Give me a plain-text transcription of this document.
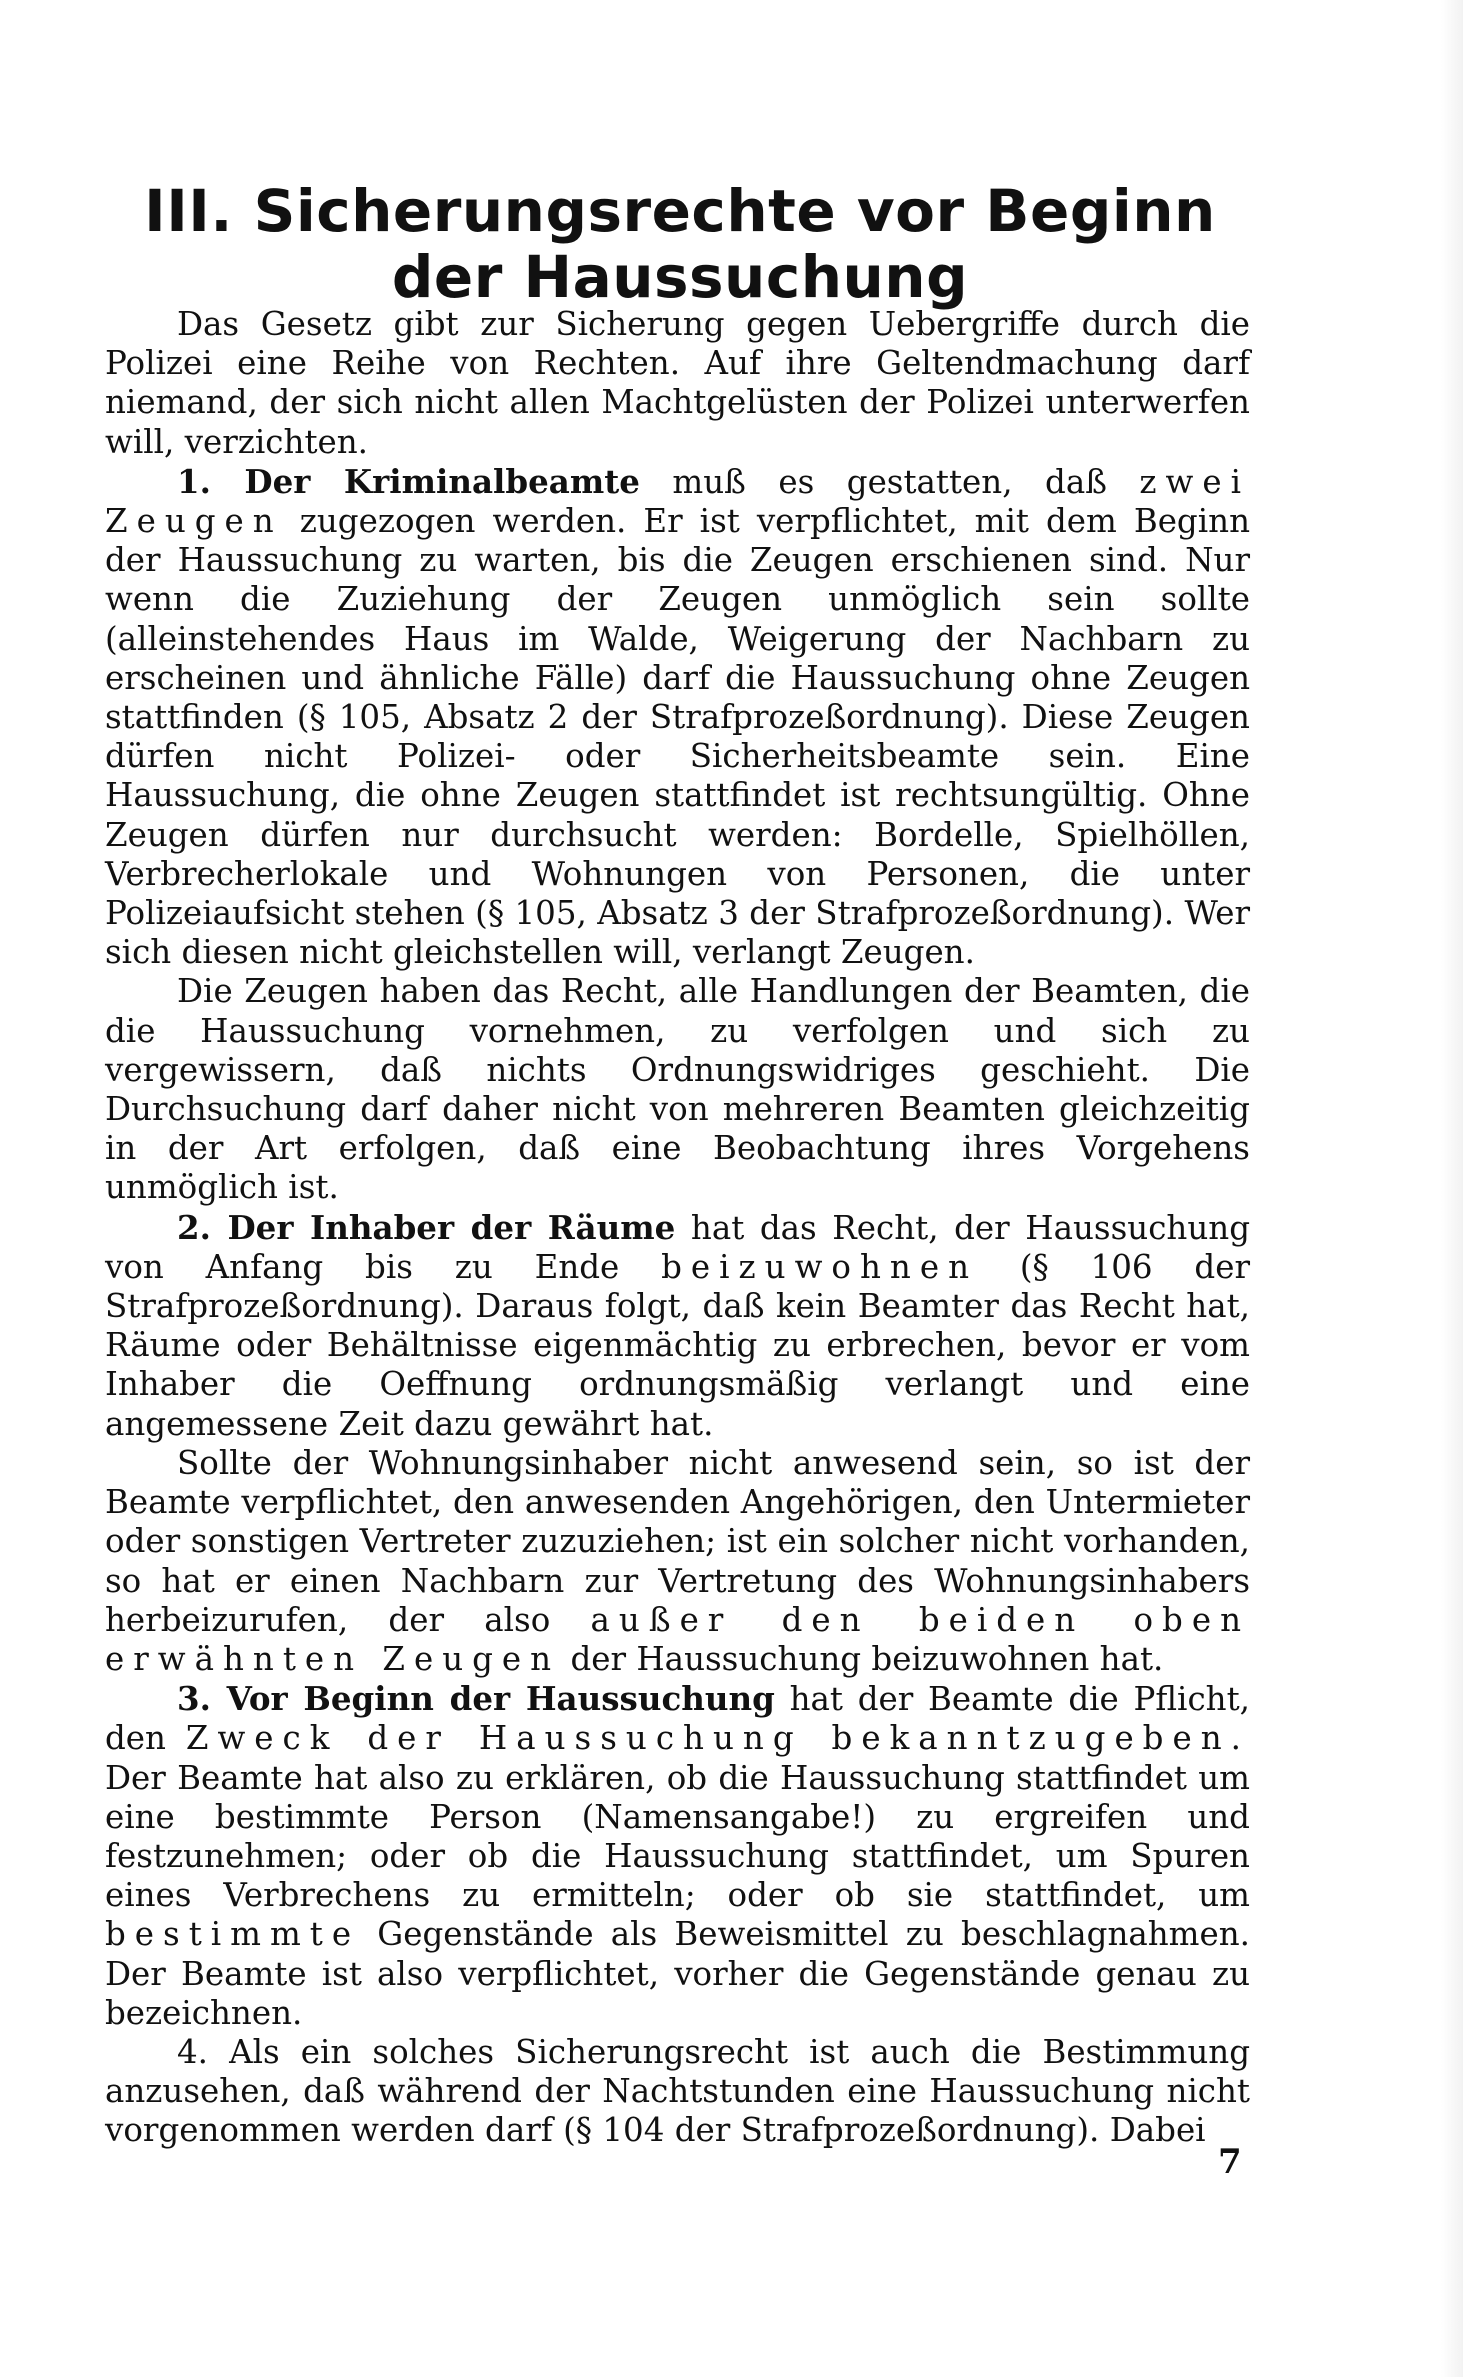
III. Sicherungsrechte vor Beginn
der Haussuchung

Das Gesetz gibt zur Sicherung gegen Uebergriffe durch die Polizei eine Reihe von Rechten. Auf ihre Geltendmachung darf niemand, der sich nicht allen Machtgelüsten der Polizei unterwerfen will, verzichten.

1. Der Kriminalbeamte muß es gestatten, daß zwei Zeugen zugezogen werden. Er ist verpflichtet, mit dem Beginn der Haussuchung zu warten, bis die Zeugen erschienen sind. Nur wenn die Zuziehung der Zeugen unmöglich sein sollte (alleinstehendes Haus im Walde, Weigerung der Nachbarn zu erscheinen und ähnliche Fälle) darf die Haussuchung ohne Zeugen stattfinden (§ 105, Absatz 2 der Strafprozeßordnung). Diese Zeugen dürfen nicht Polizei- oder Sicherheitsbeamte sein. Eine Haussuchung, die ohne Zeugen stattfindet ist rechtsungültig. Ohne Zeugen dürfen nur durchsucht werden: Bordelle, Spielhöllen, Verbrecherlokale und Wohnungen von Personen, die unter Polizeiaufsicht stehen (§ 105, Absatz 3 der Strafprozeßordnung). Wer sich diesen nicht gleichstellen will, verlangt Zeugen.

Die Zeugen haben das Recht, alle Handlungen der Beamten, die die Haussuchung vornehmen, zu verfolgen und sich zu vergewissern, daß nichts Ordnungswidriges geschieht. Die Durchsuchung darf daher nicht von mehreren Beamten gleichzeitig in der Art erfolgen, daß eine Beobachtung ihres Vorgehens unmöglich ist.

2. Der Inhaber der Räume hat das Recht, der Haussuchung von Anfang bis zu Ende beizuwohnen (§ 106 der Strafprozeßordnung). Daraus folgt, daß kein Beamter das Recht hat, Räume oder Behältnisse eigenmächtig zu erbrechen, bevor er vom Inhaber die Oeffnung ordnungsmäßig verlangt und eine angemessene Zeit dazu gewährt hat.

Sollte der Wohnungsinhaber nicht anwesend sein, so ist der Beamte verpflichtet, den anwesenden Angehörigen, den Untermieter oder sonstigen Vertreter zuzuziehen; ist ein solcher nicht vorhanden, so hat er einen Nachbarn zur Vertretung des Wohnungsinhabers herbeizurufen, der also außer den beiden oben erwähnten Zeugen der Haussuchung beizuwohnen hat.

3. Vor Beginn der Haussuchung hat der Beamte die Pflicht, den Zweck der Haussuchung bekanntzugeben. Der Beamte hat also zu erklären, ob die Haussuchung stattfindet um eine bestimmte Person (Namensangabe!) zu ergreifen und festzunehmen; oder ob die Haussuchung stattfindet, um Spuren eines Verbrechens zu ermitteln; oder ob sie stattfindet, um bestimmte Gegenstände als Beweismittel zu beschlagnahmen. Der Beamte ist also verpflichtet, vorher die Gegenstände genau zu bezeichnen.

4. Als ein solches Sicherungsrecht ist auch die Bestimmung anzusehen, daß während der Nachtstunden eine Haussuchung nicht vorgenommen werden darf (§ 104 der Strafprozeßordnung). Dabei

7
